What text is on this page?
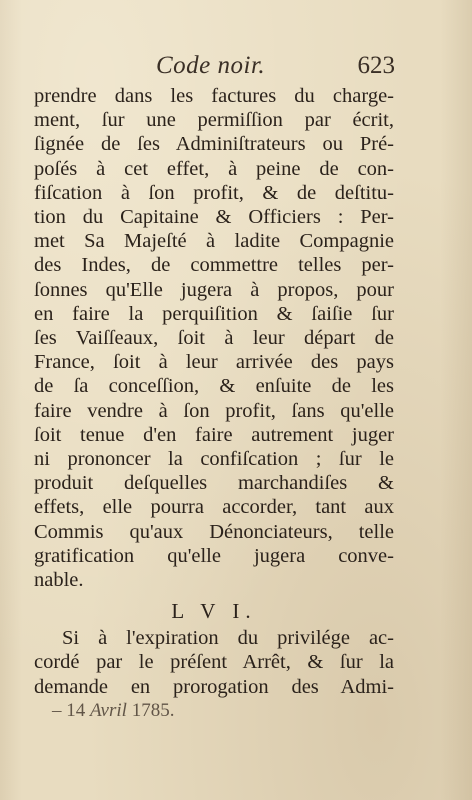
Code noir.	623
prendre dans les factures du charge-
ment, ſur une permiſſion par écrit,
ſignée de ſes Adminiſtrateurs ou Pré-
poſés à cet effet, à peine de con-
fiſcation à ſon profit, & de deſtitu-
tion du Capitaine & Officiers : Per-
met Sa Majeſté à ladite Compagnie
des Indes, de commettre telles per-
ſonnes qu'Elle jugera à propos, pour
en faire la perquiſition & ſaiſie ſur
ſes Vaiſſeaux, ſoit à leur départ de
France, ſoit à leur arrivée des pays
de ſa conceſſion, & enſuite de les
faire vendre à ſon profit, ſans qu'elle
ſoit tenue d'en faire autrement juger
ni prononcer la confiſcation ; ſur le
produit deſquelles marchandiſes &
effets, elle pourra accorder, tant aux
Commis qu'aux Dénonciateurs, telle
gratification qu'elle jugera conve-
nable.
L V I.
Si à l'expiration du privilége ac-
cordé par le préſent Arrêt, & ſur la
demande en prorogation des Admi-
– 14 Avril 1785.
